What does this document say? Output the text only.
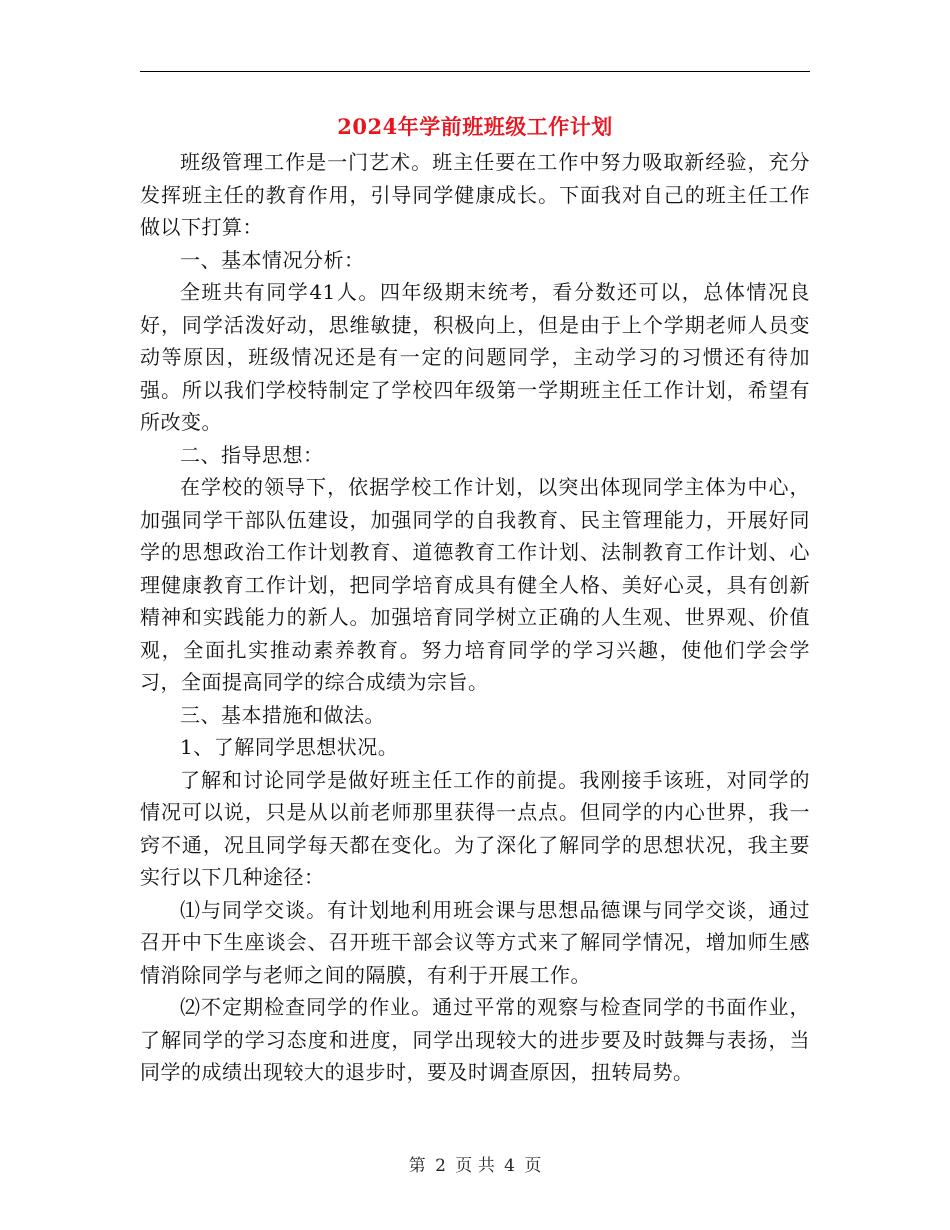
2024年学前班班级工作计划

班级管理工作是一门艺术。班主任要在工作中努力吸取新经验，充分发挥班主任的教育作用，引导同学健康成长。下面我对自己的班主任工作做以下打算：

一、基本情况分析：

全班共有同学41人。四年级期末统考，看分数还可以，总体情况良好，同学活泼好动，思维敏捷，积极向上，但是由于上个学期老师人员变动等原因，班级情况还是有一定的问题同学，主动学习的习惯还有待加强。所以我们学校特制定了学校四年级第一学期班主任工作计划，希望有所改变。

二、指导思想：

在学校的领导下，依据学校工作计划，以突出体现同学主体为中心，加强同学干部队伍建设，加强同学的自我教育、民主管理能力，开展好同学的思想政治工作计划教育、道德教育工作计划、法制教育工作计划、心理健康教育工作计划，把同学培育成具有健全人格、美好心灵，具有创新精神和实践能力的新人。加强培育同学树立正确的人生观、世界观、价值观，全面扎实推动素养教育。努力培育同学的学习兴趣，使他们学会学习，全面提高同学的综合成绩为宗旨。

三、基本措施和做法。

1、了解同学思想状况。

了解和讨论同学是做好班主任工作的前提。我刚接手该班，对同学的情况可以说，只是从以前老师那里获得一点点。但同学的内心世界，我一窍不通，况且同学每天都在变化。为了深化了解同学的思想状况，我主要实行以下几种途径：

⑴与同学交谈。有计划地利用班会课与思想品德课与同学交谈，通过召开中下生座谈会、召开班干部会议等方式来了解同学情况，增加师生感情消除同学与老师之间的隔膜，有利于开展工作。

⑵不定期检查同学的作业。通过平常的观察与检查同学的书面作业，了解同学的学习态度和进度，同学出现较大的进步要及时鼓舞与表扬，当同学的成绩出现较大的退步时，要及时调查原因，扭转局势。

第 2 页 共 4 页
